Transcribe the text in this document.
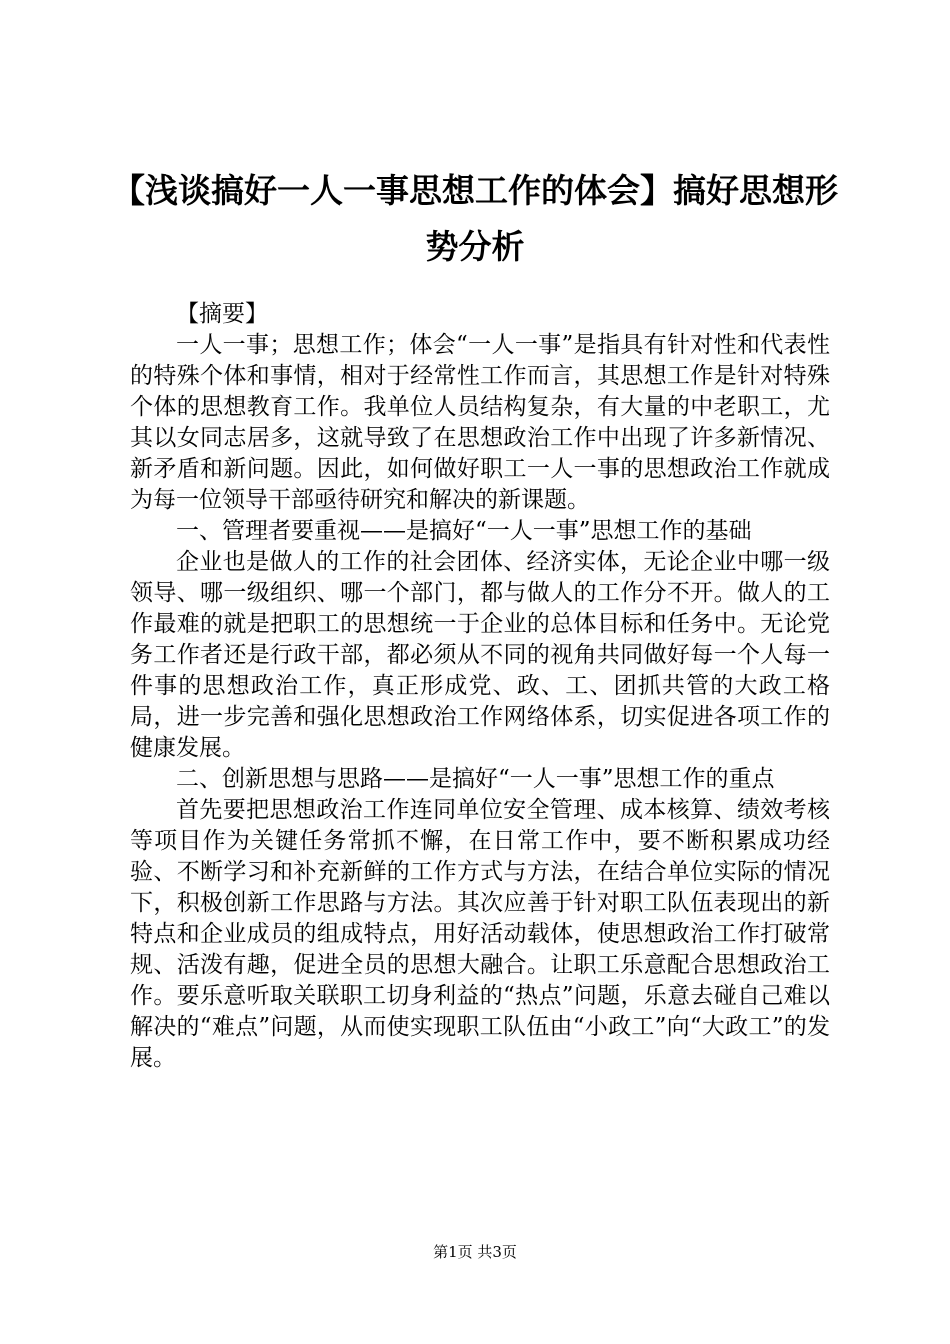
【浅谈搞好一人一事思想工作的体会】搞好思想形势分析

【摘要】

一人一事；思想工作；体会“一人一事”是指具有针对性和代表性的特殊个体和事情，相对于经常性工作而言，其思想工作是针对特殊个体的思想教育工作。我单位人员结构复杂，有大量的中老职工，尤其以女同志居多，这就导致了在思想政治工作中出现了许多新情况、新矛盾和新问题。因此，如何做好职工一人一事的思想政治工作就成为每一位领导干部亟待研究和解决的新课题。

一、管理者要重视——是搞好“一人一事”思想工作的基础

企业也是做人的工作的社会团体、经济实体，无论企业中哪一级领导、哪一级组织、哪一个部门，都与做人的工作分不开。做人的工作最难的就是把职工的思想统一于企业的总体目标和任务中。无论党务工作者还是行政干部，都必须从不同的视角共同做好每一个人每一件事的思想政治工作，真正形成党、政、工、团抓共管的大政工格局，进一步完善和强化思想政治工作网络体系，切实促进各项工作的健康发展。

二、创新思想与思路——是搞好“一人一事”思想工作的重点

首先要把思想政治工作连同单位安全管理、成本核算、绩效考核等项目作为关键任务常抓不懈，在日常工作中，要不断积累成功经验、不断学习和补充新鲜的工作方式与方法，在结合单位实际的情况下，积极创新工作思路与方法。其次应善于针对职工队伍表现出的新特点和企业成员的组成特点，用好活动载体，使思想政治工作打破常规、活泼有趣，促进全员的思想大融合。让职工乐意配合思想政治工作。要乐意听取关联职工切身利益的“热点”问题，乐意去碰自己难以解决的“难点”问题，从而使实现职工队伍由“小政工”向“大政工”的发展。

第1页 共3页
